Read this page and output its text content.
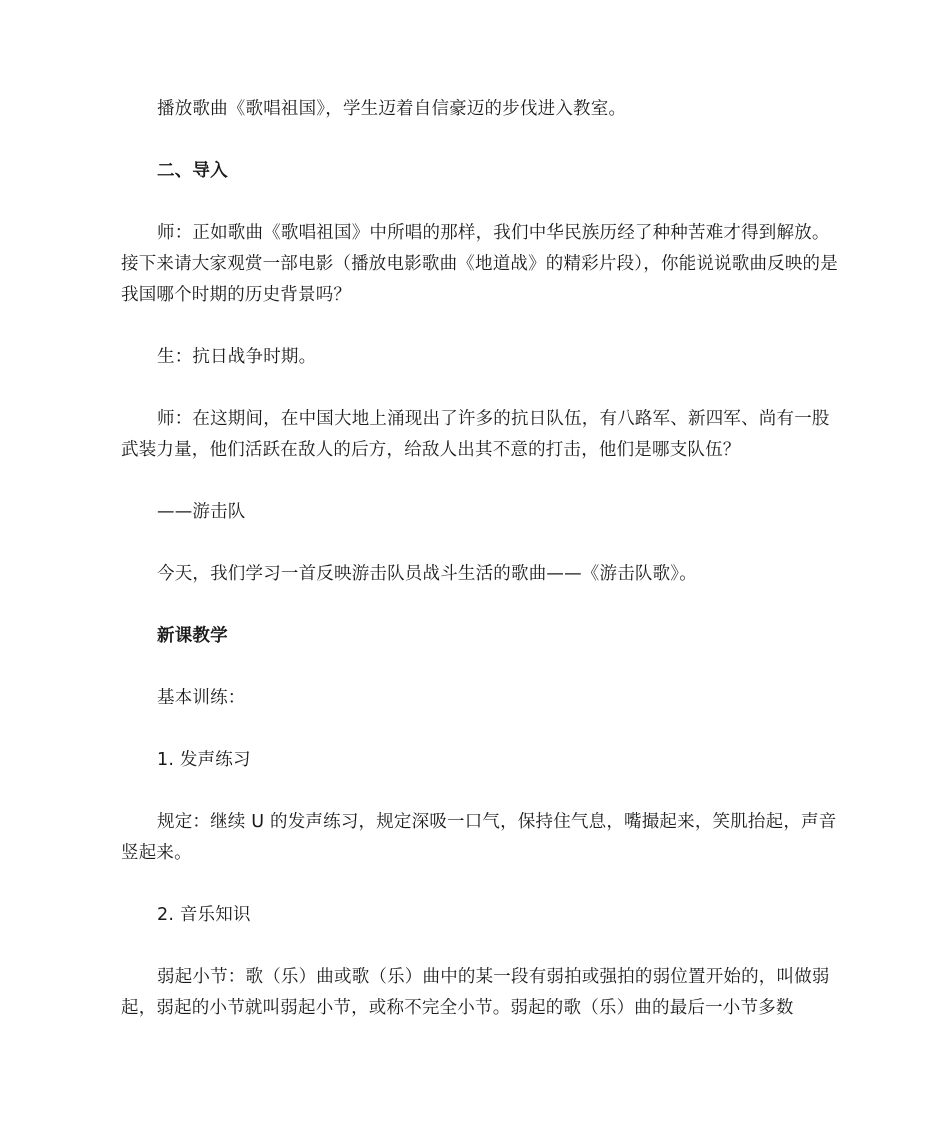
播放歌曲《歌唱祖国》，学生迈着自信豪迈的步伐进入教室。
二、导入
师：正如歌曲《歌唱祖国》中所唱的那样，我们中华民族历经了种种苦难才得到解放。接下来请大家观赏一部电影（播放电影歌曲《地道战》的精彩片段），你能说说歌曲反映的是我国哪个时期的历史背景吗？
生：抗日战争时期。
师：在这期间，在中国大地上涌现出了许多的抗日队伍，有八路军、新四军、尚有一股武装力量，他们活跃在敌人的后方，给敌人出其不意的打击，他们是哪支队伍？
——游击队
今天，我们学习一首反映游击队员战斗生活的歌曲——《游击队歌》。
新课教学
基本训练：
1. 发声练习
规定：继续 U 的发声练习，规定深吸一口气，保持住气息，嘴撮起来，笑肌抬起，声音竖起来。
2. 音乐知识
弱起小节：歌（乐）曲或歌（乐）曲中的某一段有弱拍或强拍的弱位置开始的，叫做弱起，弱起的小节就叫弱起小节，或称不完全小节。弱起的歌（乐）曲的最后一小节多数
